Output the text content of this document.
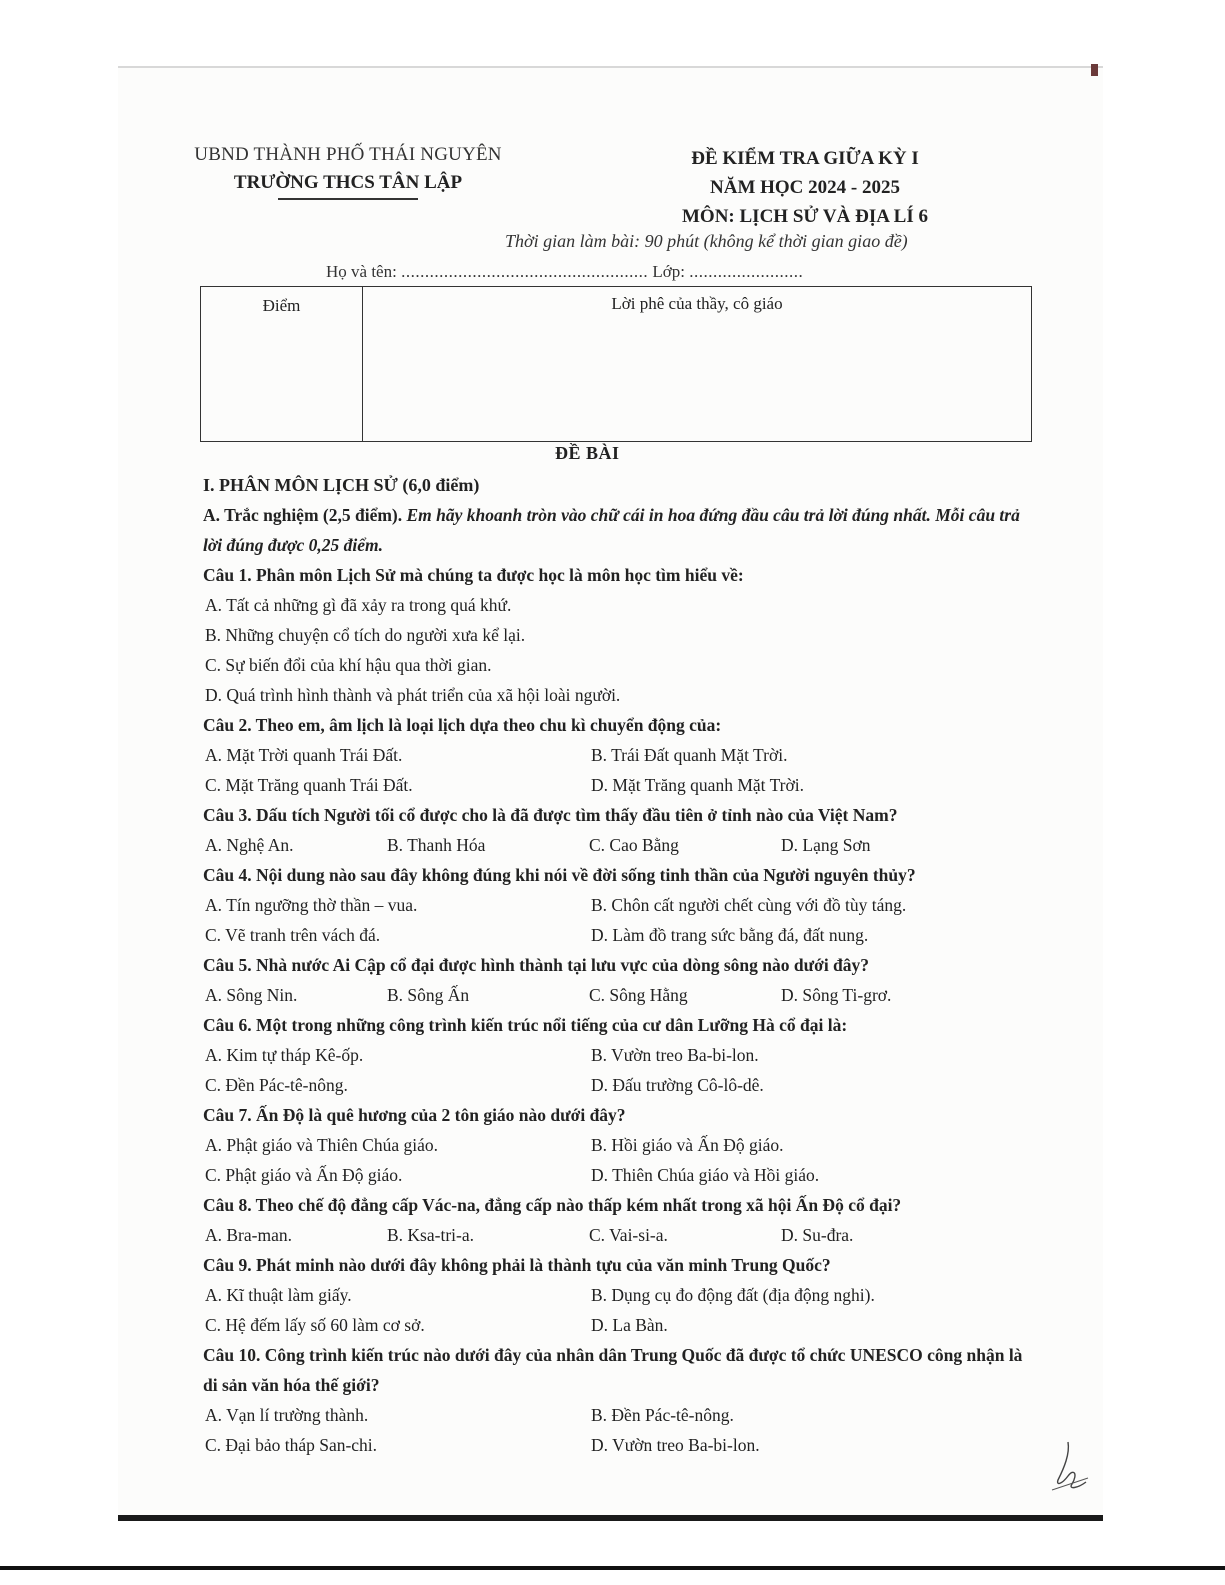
UBND THÀNH PHỐ THÁI NGUYÊN
TRƯỜNG THCS TÂN LẬP
ĐỀ KIỂM TRA GIỮA KỲ I
NĂM HỌC 2024 - 2025
MÔN: LỊCH SỬ VÀ ĐỊA LÍ 6
Thời gian làm bài: 90 phút (không kể thời gian giao đề)
Họ và tên: .................................................... Lớp: ........................
Điểm	Lời phê của thầy, cô giáo
ĐỀ BÀI
I. PHÂN MÔN LỊCH SỬ (6,0 điểm)
A. Trắc nghiệm (2,5 điểm). Em hãy khoanh tròn vào chữ cái in hoa đứng đầu câu trả lời đúng nhất. Mỗi câu trả lời đúng được 0,25 điểm.
Câu 1. Phân môn Lịch Sử mà chúng ta được học là môn học tìm hiểu về:
A. Tất cả những gì đã xảy ra trong quá khứ.
B. Những chuyện cổ tích do người xưa kể lại.
C. Sự biến đổi của khí hậu qua thời gian.
D. Quá trình hình thành và phát triển của xã hội loài người.
Câu 2. Theo em, âm lịch là loại lịch dựa theo chu kì chuyển động của:
A. Mặt Trời quanh Trái Đất.	B. Trái Đất quanh Mặt Trời.
C. Mặt Trăng quanh Trái Đất.	D. Mặt Trăng quanh Mặt Trời.
Câu 3. Dấu tích Người tối cổ được cho là đã được tìm thấy đầu tiên ở tỉnh nào của Việt Nam?
A. Nghệ An.	B. Thanh Hóa	C. Cao Bằng	D. Lạng Sơn
Câu 4. Nội dung nào sau đây không đúng khi nói về đời sống tinh thần của Người nguyên thủy?
A. Tín ngưỡng thờ thần – vua.	B. Chôn cất người chết cùng với đồ tùy táng.
C. Vẽ tranh trên vách đá.	D. Làm đồ trang sức bằng đá, đất nung.
Câu 5. Nhà nước Ai Cập cổ đại được hình thành tại lưu vực của dòng sông nào dưới đây?
A. Sông Nin.	B. Sông Ấn	C. Sông Hằng	D. Sông Ti-grơ.
Câu 6. Một trong những công trình kiến trúc nổi tiếng của cư dân Lưỡng Hà cổ đại là:
A. Kim tự tháp Kê-ốp.	B. Vườn treo Ba-bi-lon.
C. Đền Pác-tê-nông.	D. Đấu trường Cô-lô-dê.
Câu 7. Ấn Độ là quê hương của 2 tôn giáo nào dưới đây?
A. Phật giáo và Thiên Chúa giáo.	B. Hồi giáo và Ấn Độ giáo.
C. Phật giáo và Ấn Độ giáo.	D. Thiên Chúa giáo và Hồi giáo.
Câu 8. Theo chế độ đẳng cấp Vác-na, đẳng cấp nào thấp kém nhất trong xã hội Ấn Độ cổ đại?
A. Bra-man.	B. Ksa-tri-a.	C. Vai-si-a.	D. Su-đra.
Câu 9. Phát minh nào dưới đây không phải là thành tựu của văn minh Trung Quốc?
A. Kĩ thuật làm giấy.	B. Dụng cụ đo động đất (địa động nghi).
C. Hệ đếm lấy số 60 làm cơ sở.	D. La Bàn.
Câu 10. Công trình kiến trúc nào dưới đây của nhân dân Trung Quốc đã được tổ chức UNESCO công nhận là di sản văn hóa thế giới?
A. Vạn lí trường thành.	B. Đền Pác-tê-nông.
C. Đại bảo tháp San-chi.	D. Vườn treo Ba-bi-lon.
